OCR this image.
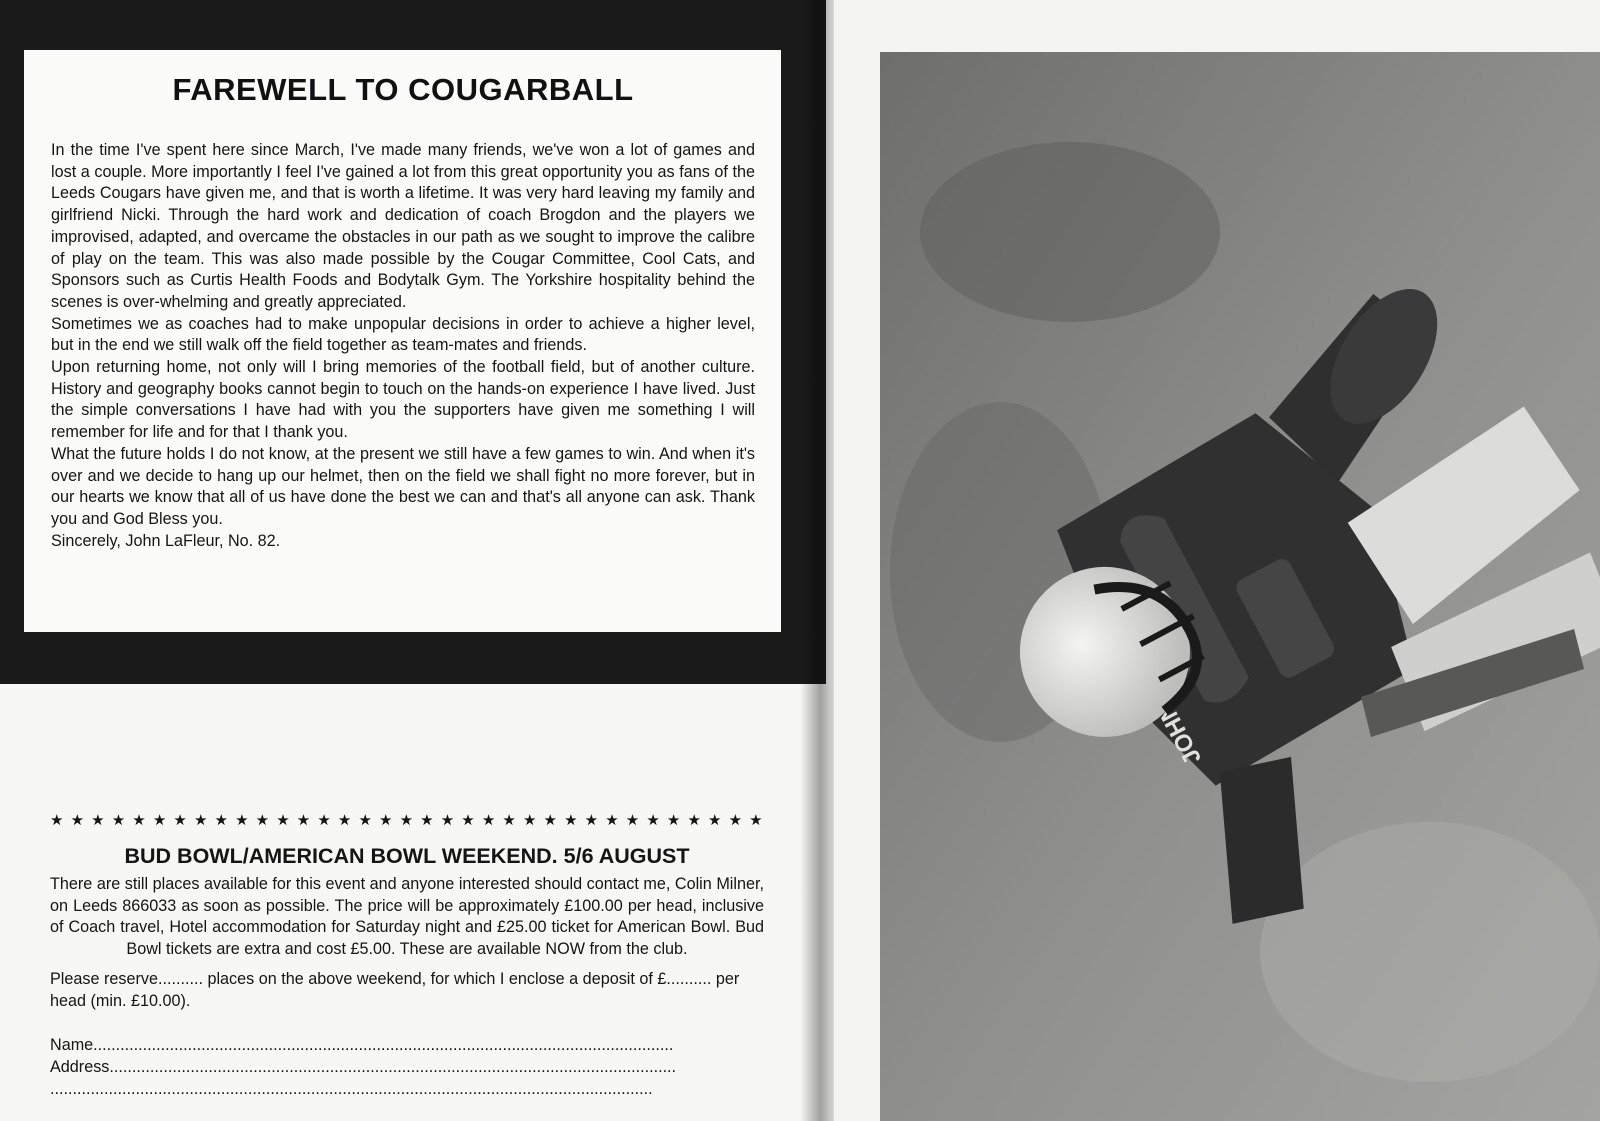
FAREWELL TO COUGARBALL

In the time I've spent here since March, I've made many friends, we've won a lot of games and lost a couple. More importantly I feel I've gained a lot from this great opportunity you as fans of the Leeds Cougars have given me, and that is worth a lifetime. It was very hard leaving my family and girlfriend Nicki. Through the hard work and dedication of coach Brogdon and the players we improvised, adapted, and overcame the obstacles in our path as we sought to improve the calibre of play on the team. This was also made possible by the Cougar Committee, Cool Cats, and Sponsors such as Curtis Health Foods and Bodytalk Gym. The Yorkshire hospitality behind the scenes is over-whelming and greatly appreciated.

Sometimes we as coaches had to make unpopular decisions in order to achieve a higher level, but in the end we still walk off the field together as team-mates and friends.

Upon returning home, not only will I bring memories of the football field, but of another culture. History and geography books cannot begin to touch on the hands-on experience I have lived. Just the simple conversations I have had with you the supporters have given me something I will remember for life and for that I thank you.

What the future holds I do not know, at the present we still have a few games to win. And when it's over and we decide to hang up our helmet, then on the field we shall fight no more forever, but in our hearts we know that all of us have done the best we can and that's all anyone can ask. Thank you and God Bless you.

Sincerely, John LaFleur, No. 82.

★ ★ ★ ★ ★ ★ ★ ★ ★ ★ ★ ★ ★ ★ ★ ★ ★ ★ ★ ★ ★ ★ ★ ★ ★ ★ ★ ★ ★ ★ ★ ★ ★ ★ ★
BUD BOWL/AMERICAN BOWL WEEKEND. 5/6 AUGUST

There are still places available for this event and anyone interested should contact me, Colin Milner, on Leeds 866033 as soon as possible. The price will be approximately £100.00 per head, inclusive of Coach travel, Hotel accommodation for Saturday night and £25.00 ticket for American Bowl. Bud Bowl tickets are extra and cost £5.00. These are available NOW from the club.

Please reserve.......... places on the above weekend, for which I enclose a deposit of £.......... per head (min. £10.00).

Name.................................................................................................................................
Address..............................................................................................................................
......................................................................................................................................
